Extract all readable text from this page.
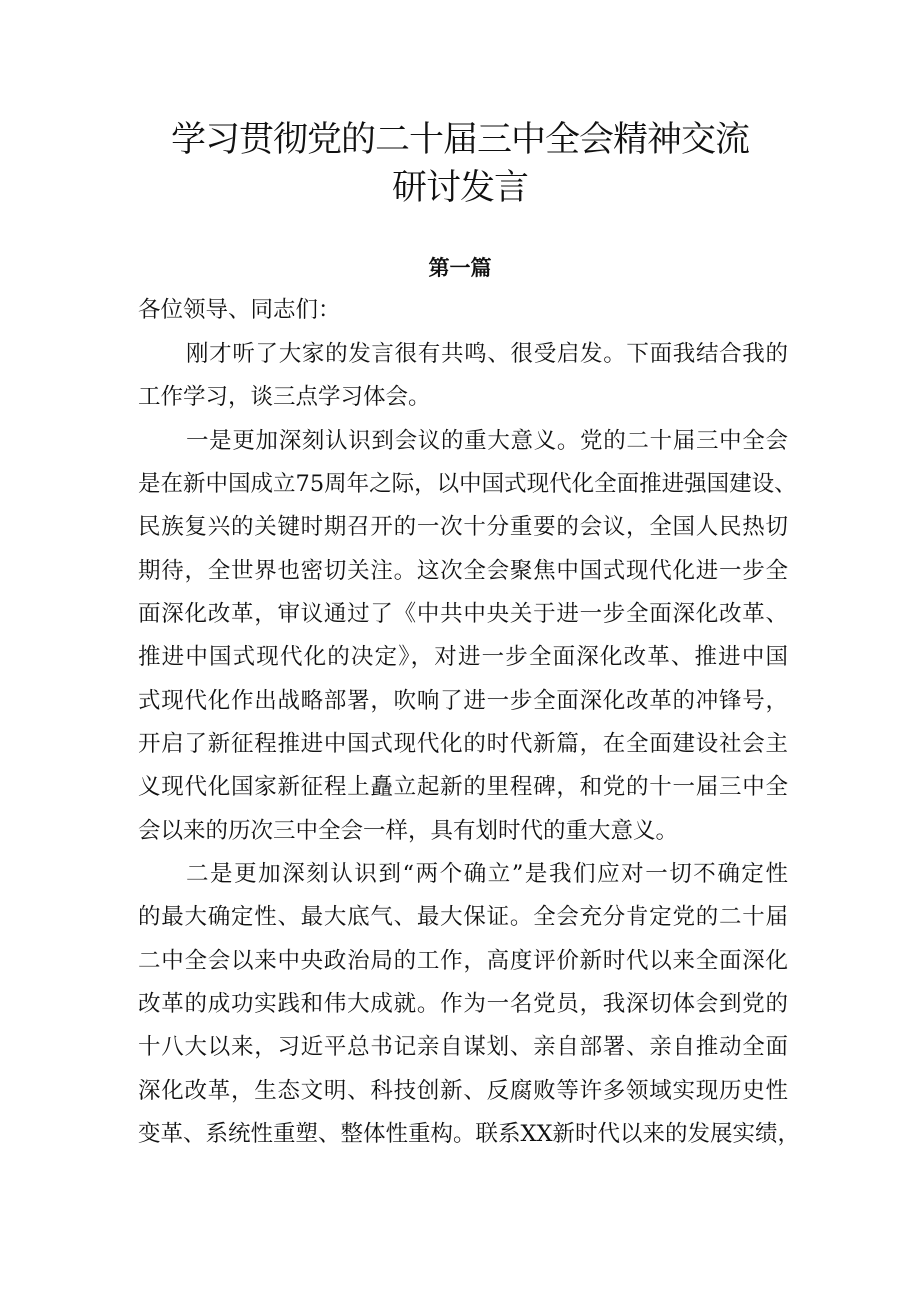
学习贯彻党的二十届三中全会精神交流
研讨发言
第一篇
各位领导、同志们：
刚才听了大家的发言很有共鸣、很受启发。下面我结合我的
工作学习，谈三点学习体会。
一是更加深刻认识到会议的重大意义。党的二十届三中全会
是在新中国成立75周年之际，以中国式现代化全面推进强国建设、
民族复兴的关键时期召开的一次十分重要的会议，全国人民热切
期待，全世界也密切关注。这次全会聚焦中国式现代化进一步全
面深化改革，审议通过了《中共中央关于进一步全面深化改革、
推进中国式现代化的决定》，对进一步全面深化改革、推进中国
式现代化作出战略部署，吹响了进一步全面深化改革的冲锋号，
开启了新征程推进中国式现代化的时代新篇，在全面建设社会主
义现代化国家新征程上矗立起新的里程碑，和党的十一届三中全
会以来的历次三中全会一样，具有划时代的重大意义。
二是更加深刻认识到“两个确立”是我们应对一切不确定性
的最大确定性、最大底气、最大保证。全会充分肯定党的二十届
二中全会以来中央政治局的工作，高度评价新时代以来全面深化
改革的成功实践和伟大成就。作为一名党员，我深切体会到党的
十八大以来，习近平总书记亲自谋划、亲自部署、亲自推动全面
深化改革，生态文明、科技创新、反腐败等许多领域实现历史性
变革、系统性重塑、整体性重构。联系XX新时代以来的发展实绩，
